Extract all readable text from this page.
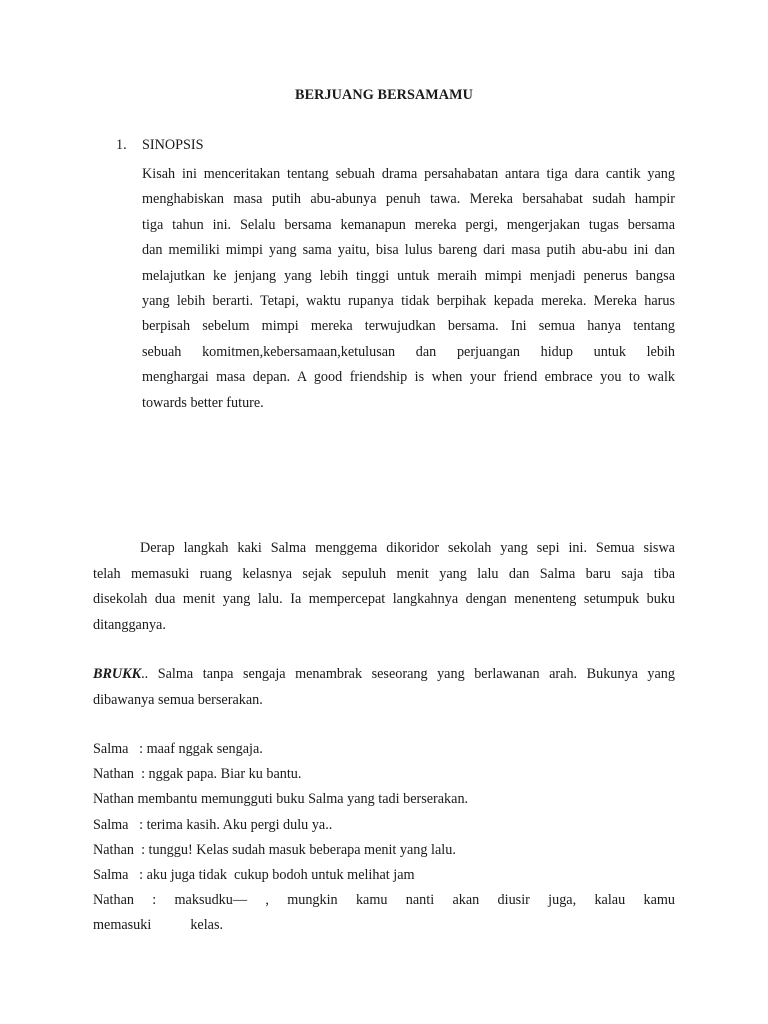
BERJUANG BERSAMAMU
1. SINOPSIS
Kisah ini menceritakan tentang sebuah drama persahabatan antara tiga dara cantik yang
menghabiskan masa putih abu-abunya penuh tawa. Mereka bersahabat sudah hampir
tiga tahun ini. Selalu bersama kemanapun mereka pergi, mengerjakan tugas bersama
dan memiliki mimpi yang sama yaitu, bisa lulus bareng dari masa putih abu-abu ini dan
melajutkan ke jenjang yang lebih tinggi untuk meraih mimpi menjadi penerus bangsa
yang lebih berarti. Tetapi, waktu rupanya tidak berpihak kepada mereka. Mereka harus
berpisah sebelum mimpi mereka terwujudkan bersama. Ini semua hanya tentang
sebuah komitmen,kebersamaan,ketulusan dan perjuangan hidup untuk lebih
menghargai masa depan. A good friendship is when your friend embrace you to walk
towards better future.
Derap langkah kaki Salma menggema dikoridor sekolah yang sepi ini. Semua siswa
telah memasuki ruang kelasnya sejak sepuluh menit yang lalu dan Salma baru saja tiba
disekolah dua menit yang lalu. Ia mempercepat langkahnya dengan menenteng setumpuk buku
ditangganya.
BRUKK.. Salma tanpa sengaja menambrak seseorang yang berlawanan arah. Bukunya yang
dibawanya semua berserakan.
Salma   : maaf nggak sengaja.
Nathan  : nggak papa. Biar ku bantu.
Nathan membantu memungguti buku Salma yang tadi berserakan.
Salma   : terima kasih. Aku pergi dulu ya..
Nathan  : tunggu! Kelas sudah masuk beberapa menit yang lalu.
Salma   : aku juga tidak  cukup bodoh untuk melihat jam
Nathan : maksudku— , mungkin kamu nanti akan diusir juga, kalau kamu
memasuki           kelas.
